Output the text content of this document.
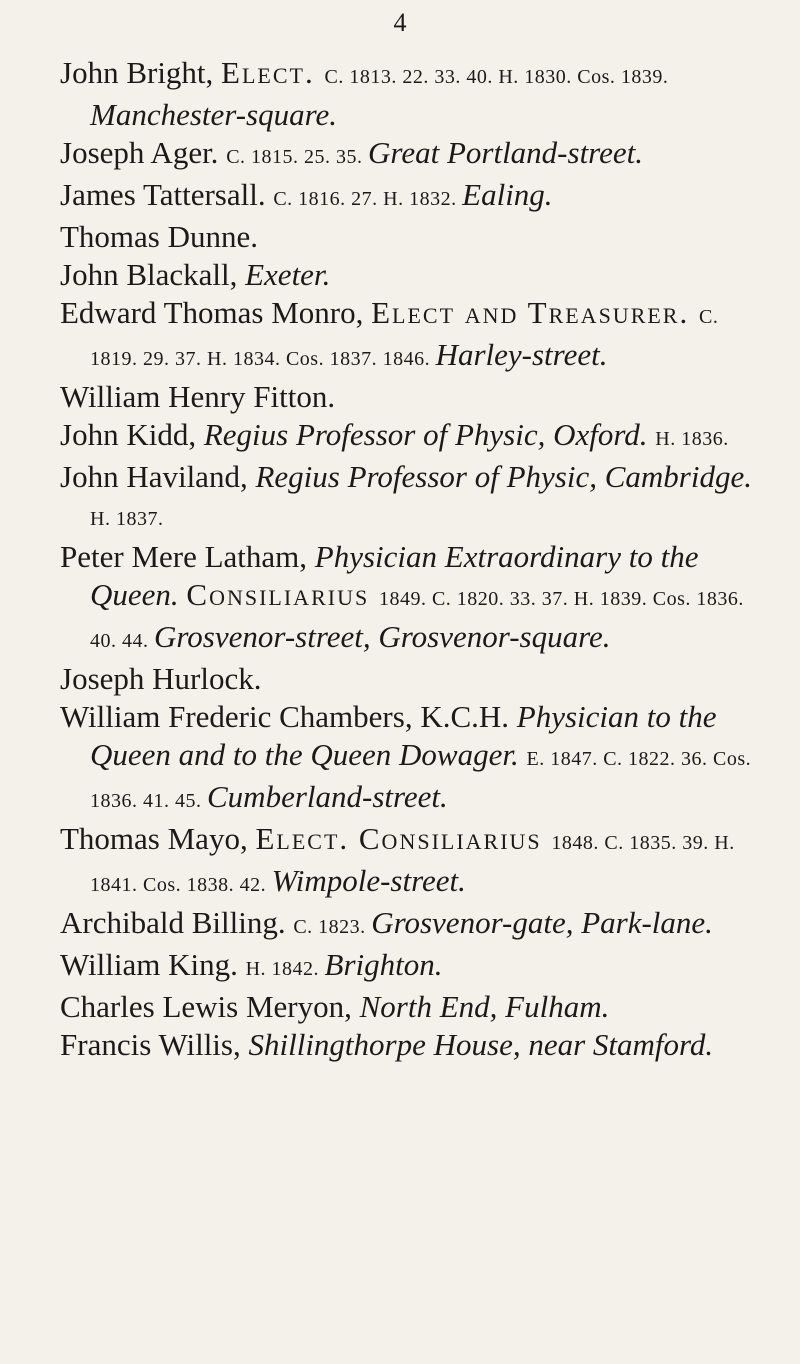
4

John Bright, Elect. C. 1813. 22. 33. 40. H. 1830. Cos. 1839. Manchester-square.

Joseph Ager. C. 1815. 25. 35. Great Portland-street.

James Tattersall. C. 1816. 27. H. 1832. Ealing.

Thomas Dunne.

John Blackall, Exeter.

Edward Thomas Monro, Elect and Treasurer. C. 1819. 29. 37. H. 1834. Cos. 1837. 1846. Harley-street.

William Henry Fitton.

John Kidd, Regius Professor of Physic, Oxford. H. 1836.

John Haviland, Regius Professor of Physic, Cambridge. H. 1837.

Peter Mere Latham, Physician Extraordinary to the Queen. Consiliarius 1849. C. 1820. 33. 37. H. 1839. Cos. 1836. 40. 44. Grosvenor-street, Grosvenor-square.

Joseph Hurlock.

William Frederic Chambers, K.C.H. Physician to the Queen and to the Queen Dowager. E. 1847. C. 1822. 36. Cos. 1836. 41. 45. Cumberland-street.

Thomas Mayo, Elect. Consiliarius 1848. C. 1835. 39. H. 1841. Cos. 1838. 42. Wimpole-street.

Archibald Billing. C. 1823. Grosvenor-gate, Park-lane.

William King. H. 1842. Brighton.

Charles Lewis Meryon, North End, Fulham.

Francis Willis, Shillingthorpe House, near Stamford.
